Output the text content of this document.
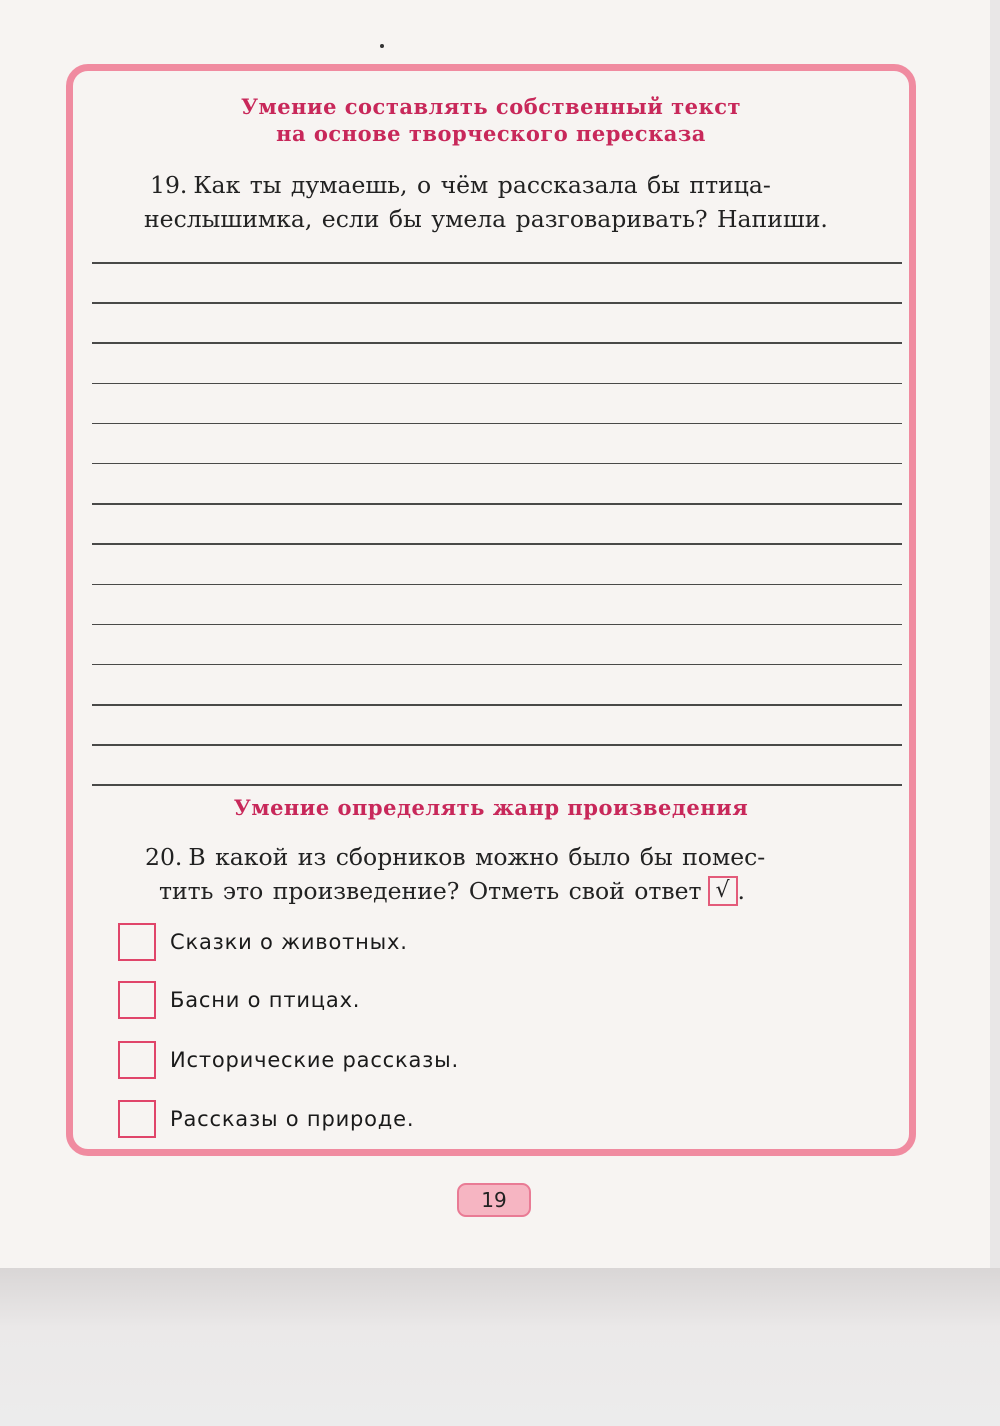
Умение составлять собственный текст
на основе творческого пересказа
19. Как ты думаешь, о чём рассказала бы птица-
неслышимка, если бы умела разговаривать? Напиши.
Умение определять жанр произведения
20. В какой из сборников можно было бы помес-
тить это произведение? Отметь свой ответ √ .
Сказки о животных.
Басни о птицах.
Исторические рассказы.
Рассказы о природе.
19
